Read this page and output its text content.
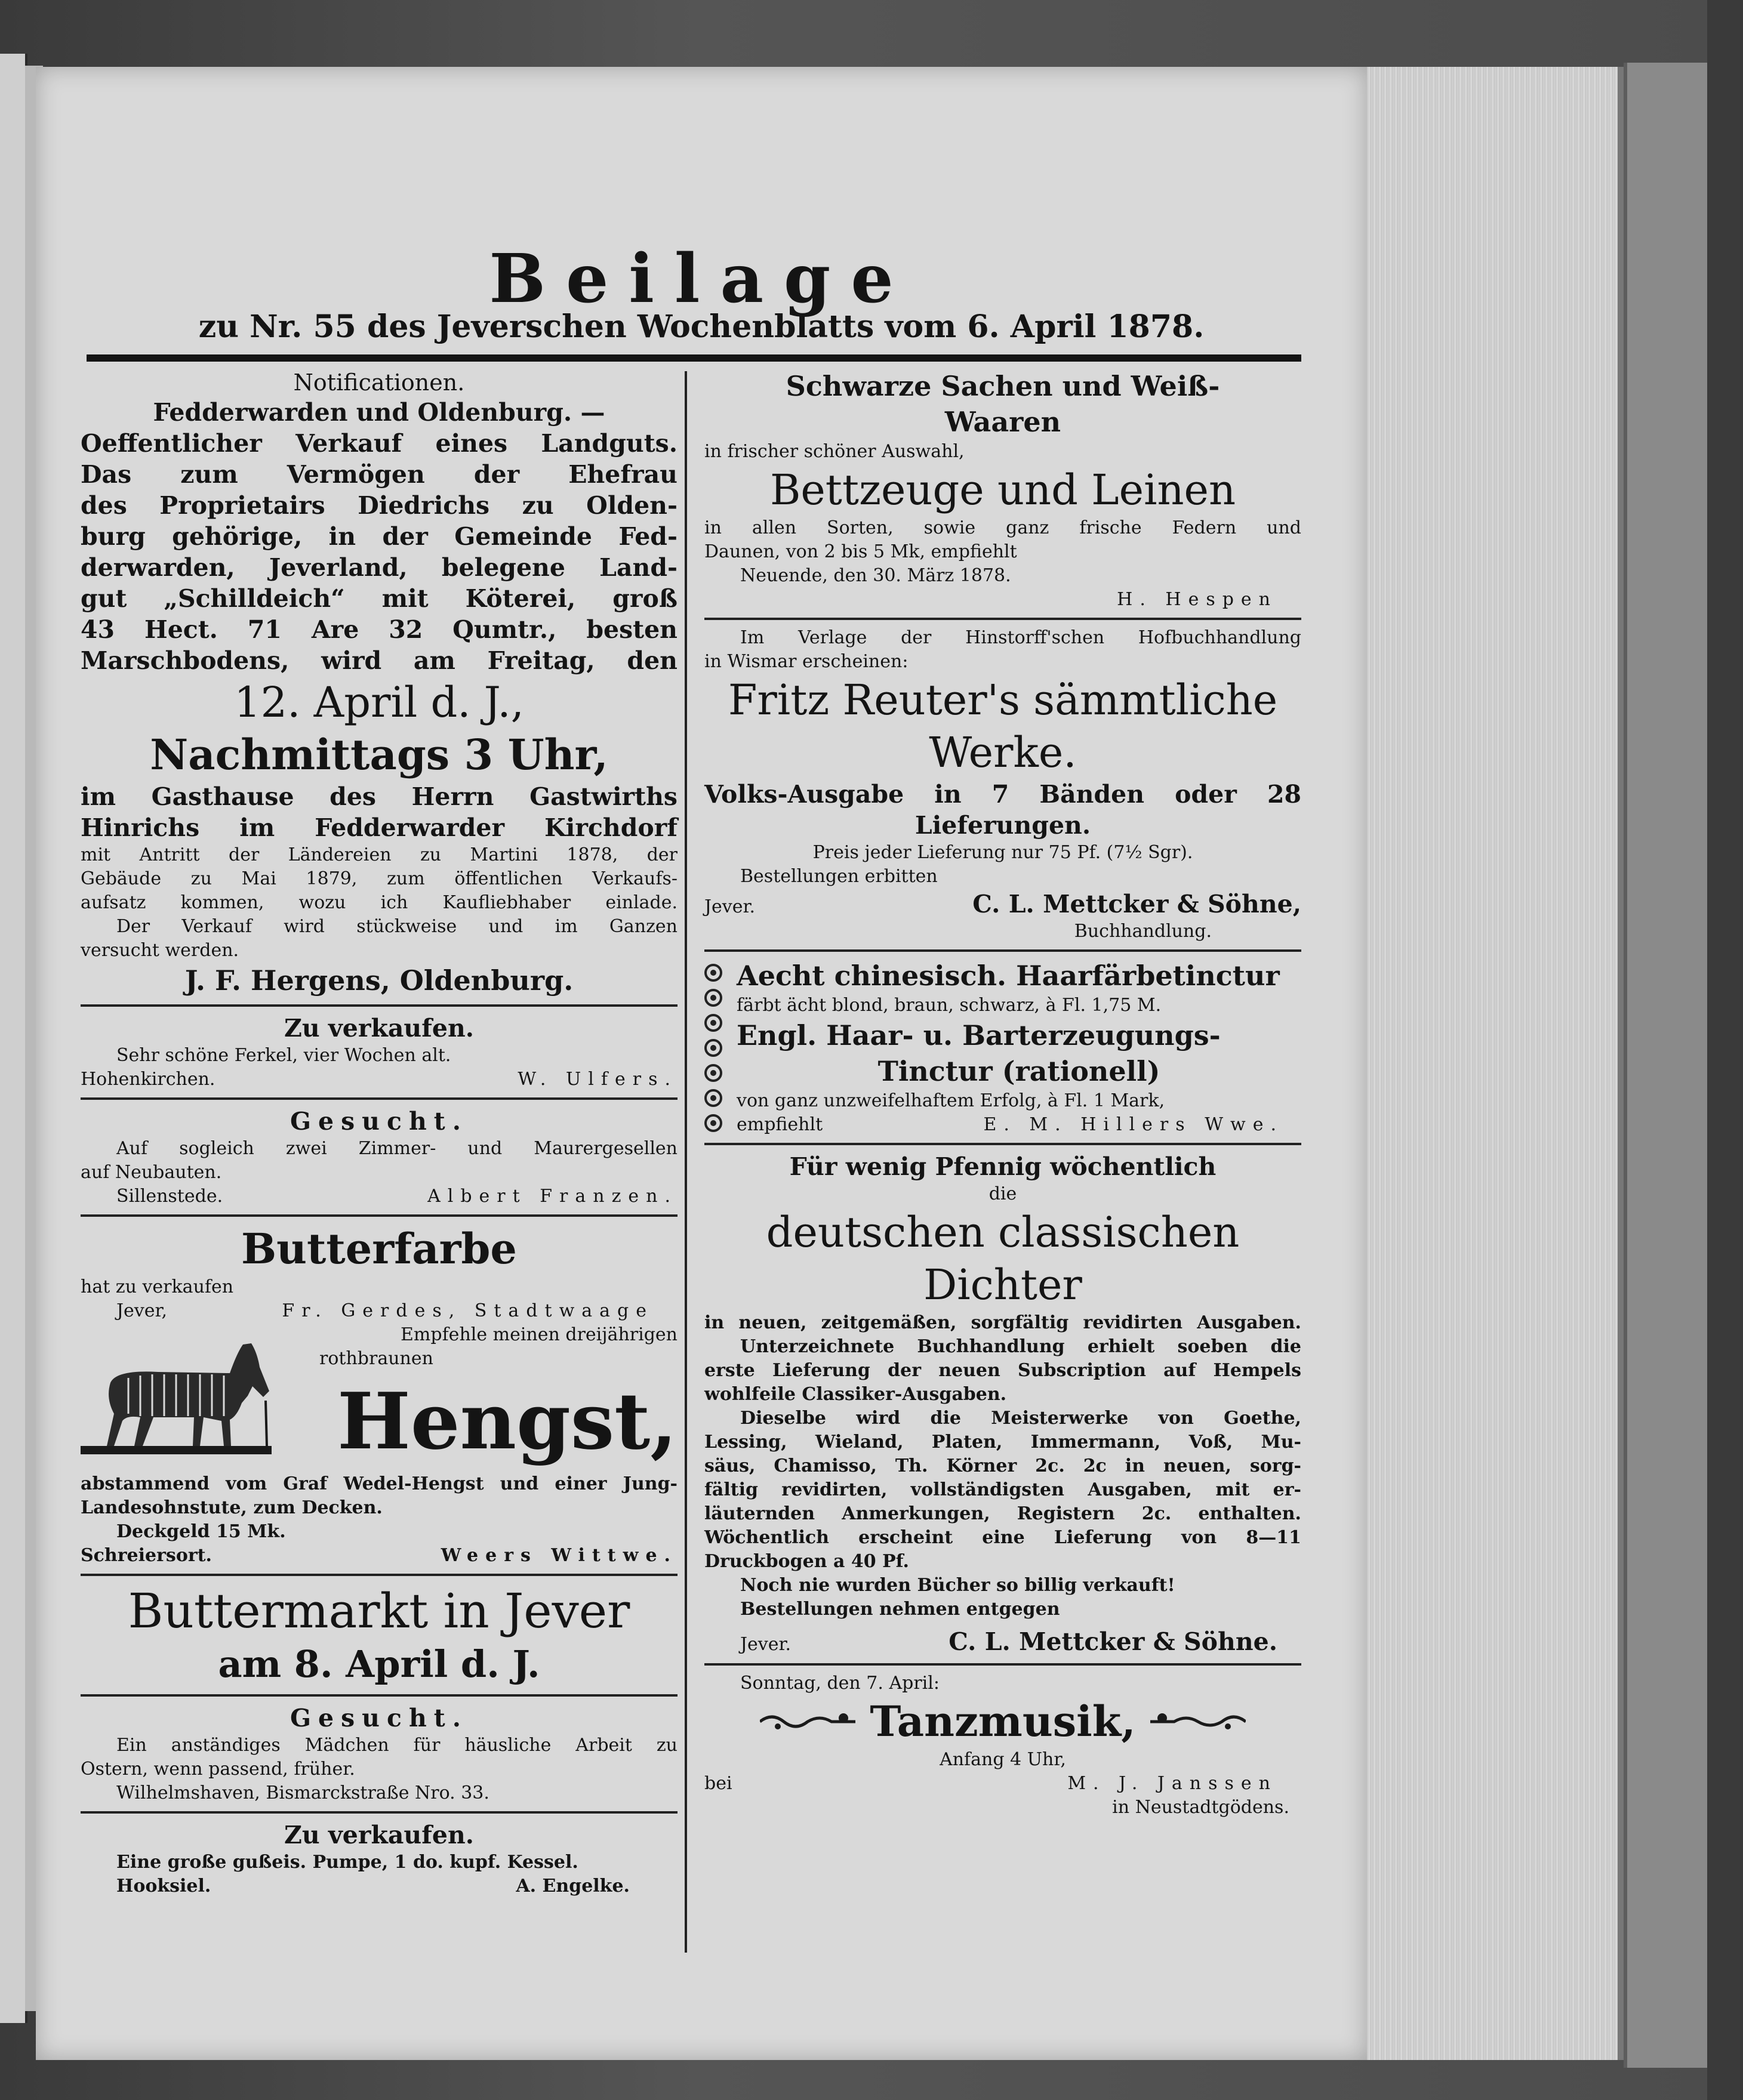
Beilage
zu Nr. 55 des Jeverschen Wochenblatts vom 6. April 1878.
Notificationen.
Fedderwarden und Oldenburg. —
Oeffentlicher Verkauf eines Landguts.
Das zum Vermögen der Ehefrau
des Proprietairs Diedrichs zu Olden-
burg gehörige, in der Gemeinde Fed-
derwarden, Jeverland, belegene Land-
gut „Schilldeich“ mit Köterei, groß
43 Hect. 71 Are 32 Qumtr., besten
Marschbodens, wird am Freitag, den
12. April d. J.,
Nachmittags 3 Uhr,
im Gasthause des Herrn Gastwirths
Hinrichs im Fedderwarder Kirchdorf
mit Antritt der Ländereien zu Martini 1878, der
Gebäude zu Mai 1879, zum öffentlichen Verkaufs-
aufsatz kommen, wozu ich Kaufliebhaber einlade.
Der Verkauf wird stückweise und im Ganzen
versucht werden.
J. F. Hergens, Oldenburg.
Zu verkaufen.
Sehr schöne Ferkel, vier Wochen alt.
Hohenkirchen.	W. Ulfers.
Gesucht.
Auf sogleich zwei Zimmer- und Maurergesellen
auf Neubauten.
Sillenstede.	Albert Franzen.
Butterfarbe
hat zu verkaufen
Jever,	Fr. Gerdes, Stadtwaage
Empfehle meinen dreijährigen
rothbraunen
Hengst,
abstammend vom Graf Wedel-Hengst und einer Jung-
Landesohnstute, zum Decken.
Deckgeld 15 Mk.
Schreiersort.	Weers Wittwe.
Buttermarkt in Jever
am 8. April d. J.
Gesucht.
Ein anständiges Mädchen für häusliche Arbeit zu
Ostern, wenn passend, früher.
Wilhelmshaven, Bismarckstraße Nro. 33.
Zu verkaufen.
Eine große gußeis. Pumpe, 1 do. kupf. Kessel.
Hooksiel.	A. Engelke.
Schwarze Sachen und Weiß-
Waaren
in frischer schöner Auswahl,
Bettzeuge und Leinen
in allen Sorten, sowie ganz frische Federn und
Daunen, von 2 bis 5 Mk, empfiehlt
Neuende, den 30. März 1878.
H. Hespen
Im Verlage der Hinstorff'schen Hofbuchhandlung
in Wismar erscheinen:
Fritz Reuter's sämmtliche
Werke.
Volks-Ausgabe in 7 Bänden oder 28
Lieferungen.
Preis jeder Lieferung nur 75 Pf. (7½ Sgr).
Bestellungen erbitten
Jever.	C. L. Mettcker & Söhne,
Buchhandlung.
Aecht chinesisch. Haarfärbetinctur
färbt ächt blond, braun, schwarz, à Fl. 1,75 M.
Engl. Haar- u. Barterzeugungs-
Tinctur (rationell)
von ganz unzweifelhaftem Erfolg, à Fl. 1 Mark,
empfiehlt	E. M. Hillers Wwe.
Für wenig Pfennig wöchentlich
die
deutschen classischen Dichter
in neuen, zeitgemäßen, sorgfältig revidirten Ausgaben.
Unterzeichnete Buchhandlung erhielt soeben die
erste Lieferung der neuen Subscription auf Hempels
wohlfeile Classiker-Ausgaben.
Dieselbe wird die Meisterwerke von Goethe,
Lessing, Wieland, Platen, Immermann, Voß, Mu-
säus, Chamisso, Th. Körner 2c. 2c in neuen, sorg-
fältig revidirten, vollständigsten Ausgaben, mit er-
läuternden Anmerkungen, Registern 2c. enthalten.
Wöchentlich erscheint eine Lieferung von 8—11
Druckbogen a 40 Pf.
Noch nie wurden Bücher so billig verkauft!
Bestellungen nehmen entgegen
Jever.	C. L. Mettcker & Söhne.
Sonntag, den 7. April:
Tanzmusik,
Anfang 4 Uhr,
bei	M. J. Janssen
in Neustadtgödens.
